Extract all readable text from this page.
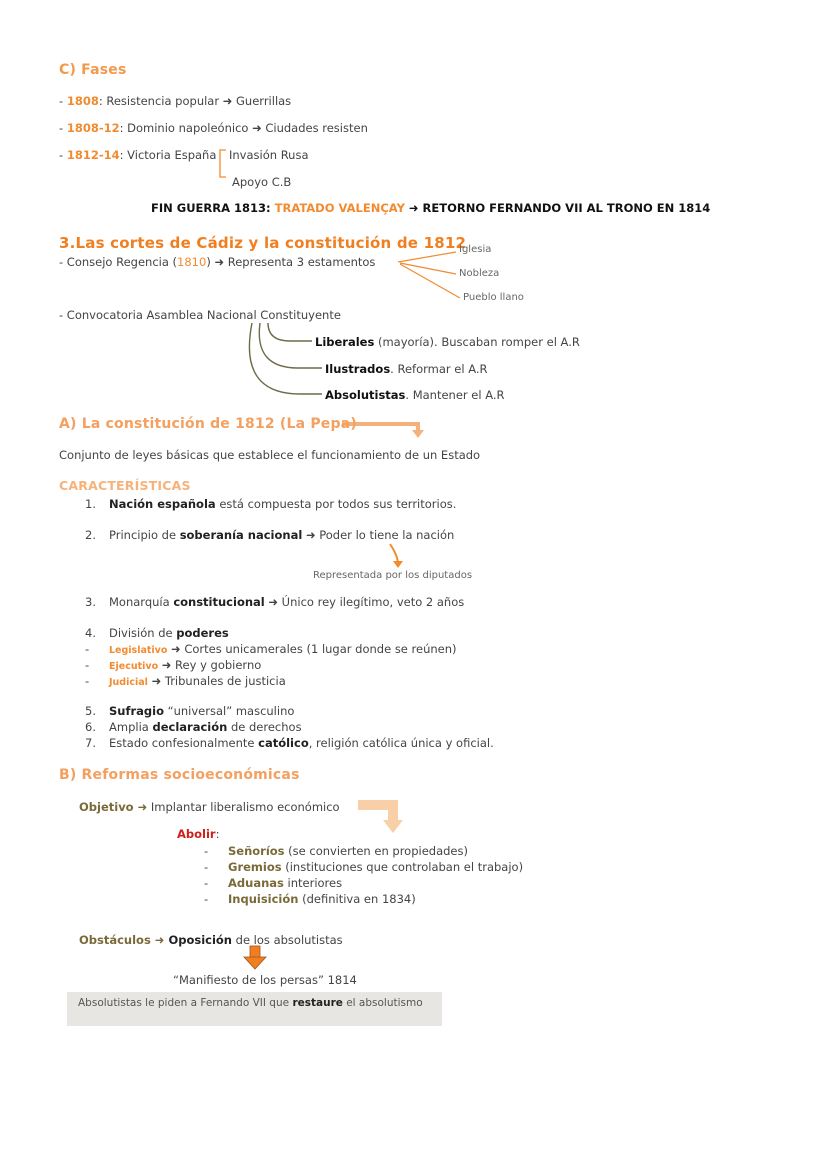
C) Fases
- 1808: Resistencia popular ➜ Guerrillas
- 1808-12: Dominio napoleónico ➜ Ciudades resisten
- 1812-14: Victoria España Invasión Rusa
Apoyo C.B
FIN GUERRA 1813: TRATADO VALENÇAY ➜ RETORNO FERNANDO VII AL TRONO EN 1814
3.Las cortes de Cádiz y la constitución de 1812
- Consejo Regencia (1810) ➜ Representa 3 estamentos
Iglesia
Nobleza
Pueblo llano
- Convocatoria Asamblea Nacional Constituyente
Liberales (mayoría). Buscaban romper el A.R
Ilustrados. Reformar el A.R
Absolutistas. Mantener el A.R
A) La constitución de 1812 (La Pepa)
Conjunto de leyes básicas que establece el funcionamiento de un Estado
CARACTERÍSTICAS
1. Nación española está compuesta por todos sus territorios.
2. Principio de soberanía nacional ➜ Poder lo tiene la nación
Representada por los diputados
3. Monarquía constitucional ➜ Único rey ilegítimo, veto 2 años
4. División de poderes
- Legislativo ➜ Cortes unicamerales (1 lugar donde se reúnen)
- Ejecutivo ➜ Rey y gobierno
- Judicial ➜ Tribunales de justicia
5. Sufragio “universal” masculino
6. Amplia declaración de derechos
7. Estado confesionalmente católico, religión católica única y oficial.
B) Reformas socioeconómicas
Objetivo ➜ Implantar liberalismo económico
Abolir:
- Señoríos (se convierten en propiedades)
- Gremios (instituciones que controlaban el trabajo)
- Aduanas interiores
- Inquisición (definitiva en 1834)
Obstáculos ➜ Oposición de los absolutistas
“Manifiesto de los persas” 1814
Absolutistas le piden a Fernando VII que restaure el absolutismo
